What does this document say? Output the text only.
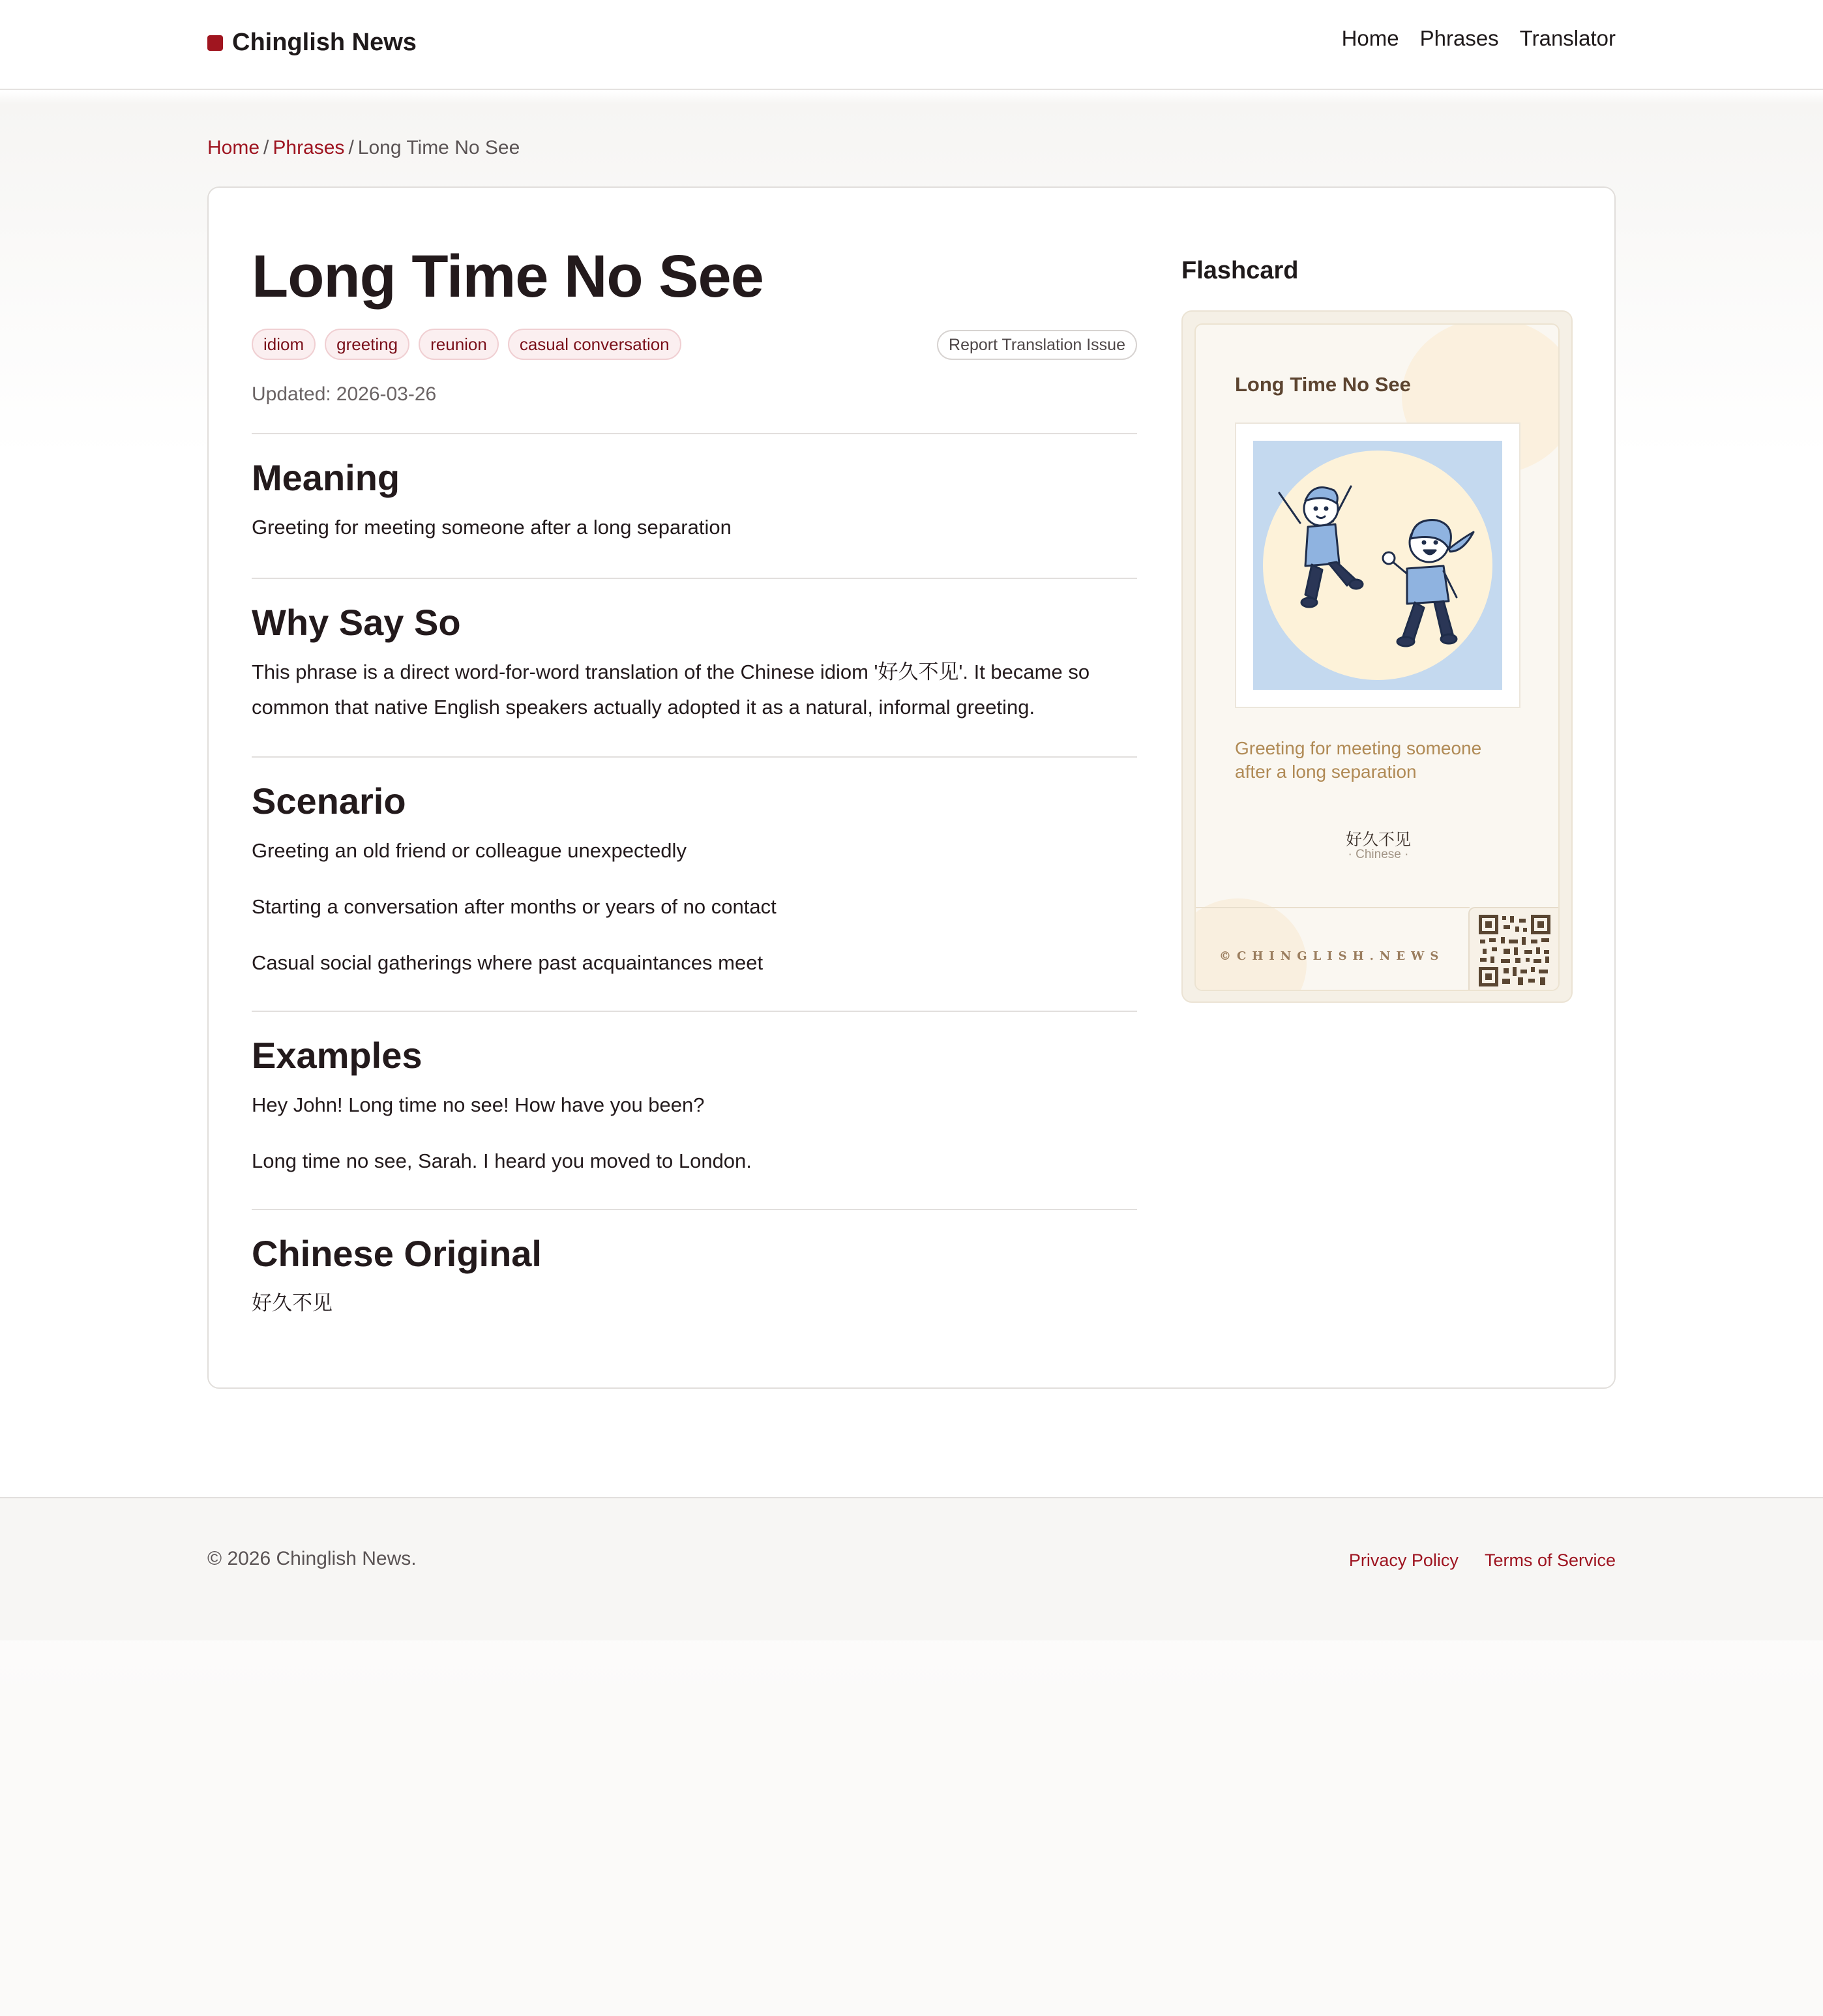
Chinglish News	Home Phrases Translator
Home / Phrases / Long Time No See
Long Time No See
idiom	greeting	reunion	casual conversation	Report Translation Issue
Updated: 2026-03-26
Meaning

Greeting for meeting someone after a long separation

Why Say So

This phrase is a direct word-for-word translation of the Chinese idiom '好久不见'. It became so common that native English speakers actually adopted it as a natural, informal greeting.

Scenario

Greeting an old friend or colleague unexpectedly

Starting a conversation after months or years of no contact

Casual social gatherings where past acquaintances meet

Examples

Hey John! Long time no see! How have you been?

Long time no see, Sarah. I heard you moved to London.

Chinese Original

好久不见

Flashcard
Long Time No See
Greeting for meeting someone after a long separation
好久不见
· Chinese ·
©CHINGLISH.NEWS
© 2026 Chinglish News.	Privacy Policy Terms of Service
